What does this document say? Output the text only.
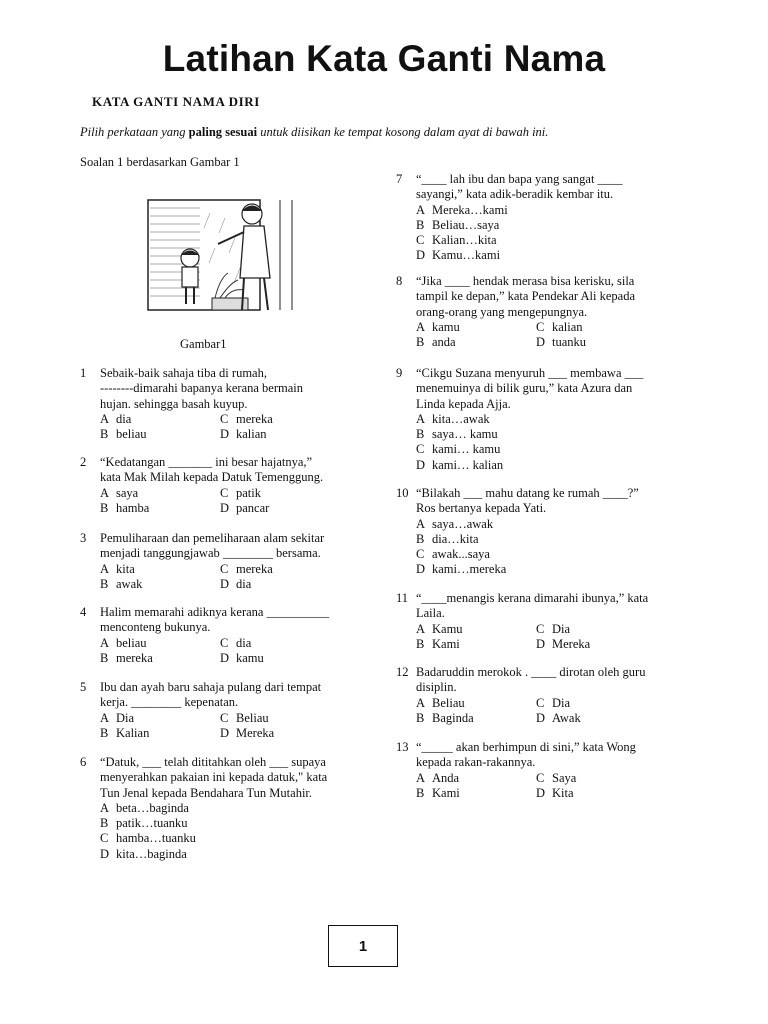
Latihan Kata Ganti Nama
KATA GANTI NAMA DIRI
Pilih perkataan yang paling sesuai untuk diisikan ke tempat kosong dalam ayat di bawah ini.
Soalan 1 berdasarkan Gambar 1
Gambar1
1 Sebaik-baik sahaja tiba di rumah,
--------dimarahi bapanya kerana bermain
hujan. sehingga basah kuyup.
A dia	C mereka
B beliau	D kalian
2 “Kedatangan _______ ini besar hajatnya,”
kata Mak Milah kepada Datuk Temenggung.
A saya	C patik
B hamba	D pancar
3 Pemuliharaan dan pemeliharaan alam sekitar
menjadi tanggungjawab ________ bersama.
A kita	C mereka
B awak	D dia
4 Halim memarahi adiknya kerana __________
menconteng bukunya.
A beliau	C dia
B mereka	D kamu
5 Ibu dan ayah baru sahaja pulang dari tempat
kerja. ________ kepenatan.
A Dia	C Beliau
B Kalian	D Mereka
6 “Datuk, ___ telah dititahkan oleh ___ supaya
menyerahkan pakaian ini kepada datuk," kata
Tun Jenal kepada Bendahara Tun Mutahir.
A beta…baginda
B patik…tuanku
C hamba…tuanku
D kita…baginda
7 “____ lah ibu dan bapa yang sangat ____
sayangi,” kata adik-beradik kembar itu.
A Mereka…kami
B Beliau…saya
C Kalian…kita
D Kamu…kami
8 “Jika ____ hendak merasa bisa kerisku, sila
tampil ke depan,” kata Pendekar Ali kepada
orang-orang yang mengepungnya.
A kamu	C kalian
B anda	D tuanku
9 “Cikgu Suzana menyuruh ___ membawa ___
menemuinya di bilik guru,” kata Azura dan
Linda kepada Ajja.
A kita…awak
B saya… kamu
C kami… kamu
D kami… kalian
10 “Bilakah ___ mahu datang ke rumah ____?”
Ros bertanya kepada Yati.
A saya…awak
B dia…kita
C awak...saya
D kami…mereka
11 “____menangis kerana dimarahi ibunya,” kata
Laila.
A Kamu	C Dia
B Kami	D Mereka
12 Badaruddin merokok . ____ dirotan oleh guru
disiplin.
A Beliau	C Dia
B Baginda	D Awak
13 “_____ akan berhimpun di sini,” kata Wong
kepada rakan-rakannya.
A Anda	C Saya
B Kami	D Kita
1
